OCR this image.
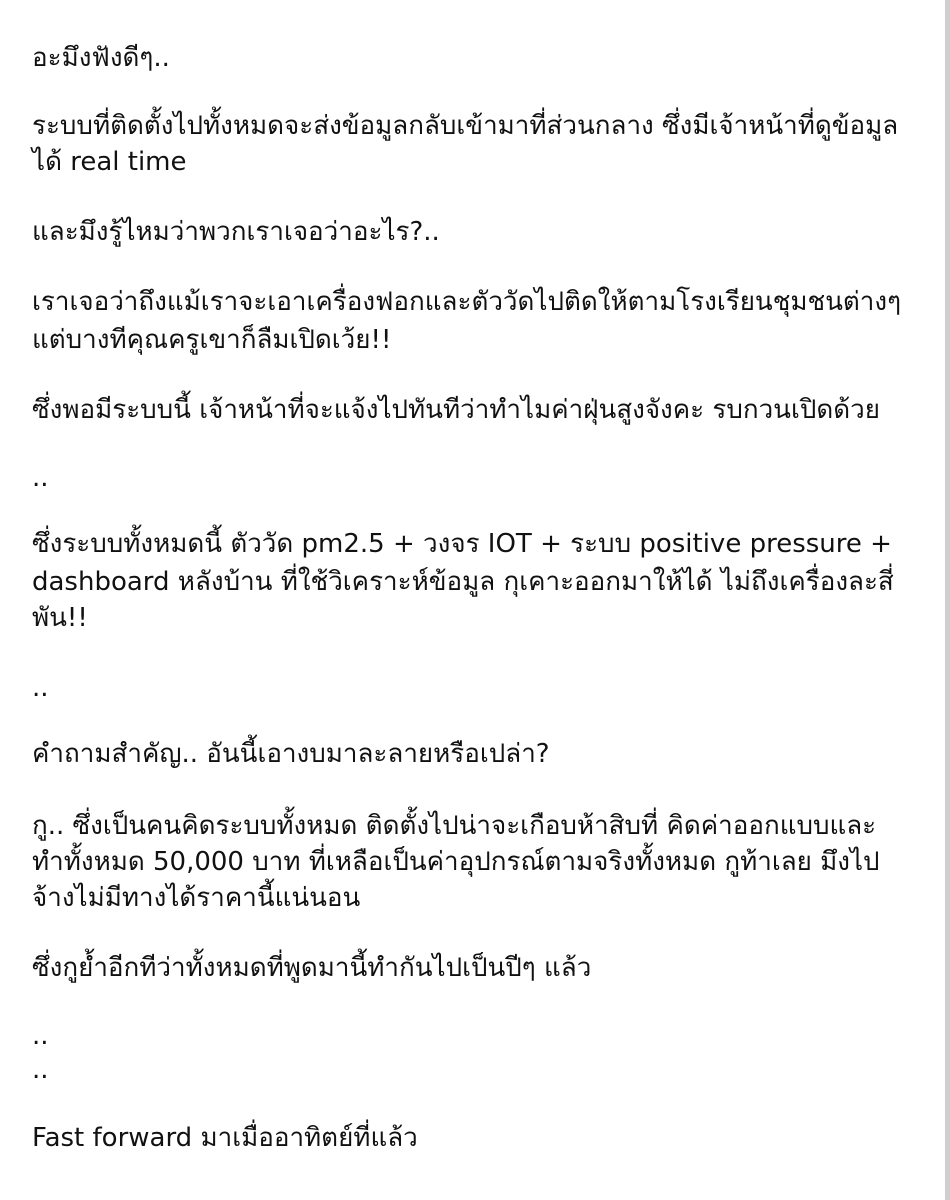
อะมึงฟังดีๆ..
ระบบที่ติดตั้งไปทั้งหมดจะส่งข้อมูลกลับเข้ามาที่ส่วนกลาง ซึ่งมีเจ้าหน้าที่ดูข้อมูล
ได้ real time
และมึงรู้ไหมว่าพวกเราเจอว่าอะไร?..
เราเจอว่าถึงแม้เราจะเอาเครื่องฟอกและตัววัดไปติดให้ตามโรงเรียนชุมชนต่างๆ
แต่บางทีคุณครูเขาก็ลืมเปิดเว้ย!!
ซึ่งพอมีระบบนี้ เจ้าหน้าที่จะแจ้งไปทันทีว่าทำไมค่าฝุ่นสูงจังคะ รบกวนเปิดด้วย
..
ซึ่งระบบทั้งหมดนี้ ตัววัด pm2.5 + วงจร IOT + ระบบ positive pressure +
dashboard หลังบ้าน ที่ใช้วิเคราะห์ข้อมูล กุเคาะออกมาให้ได้ ไม่ถึงเครื่องละสี่
พัน!!
..
คำถามสำคัญ.. อันนี้เอางบมาละลายหรือเปล่า?
กู.. ซึ่งเป็นคนคิดระบบทั้งหมด ติดตั้งไปน่าจะเกือบห้าสิบที่ คิดค่าออกแบบและ
ทำทั้งหมด 50,000 บาท ที่เหลือเป็นค่าอุปกรณ์ตามจริงทั้งหมด กูท้าเลย มึงไป
จ้างไม่มีทางได้ราคานี้แน่นอน
ซึ่งกูย้ำอีกทีว่าทั้งหมดที่พูดมานี้ทำกันไปเป็นปีๆ แล้ว
..
..
Fast forward มาเมื่ออาทิตย์ที่แล้ว
